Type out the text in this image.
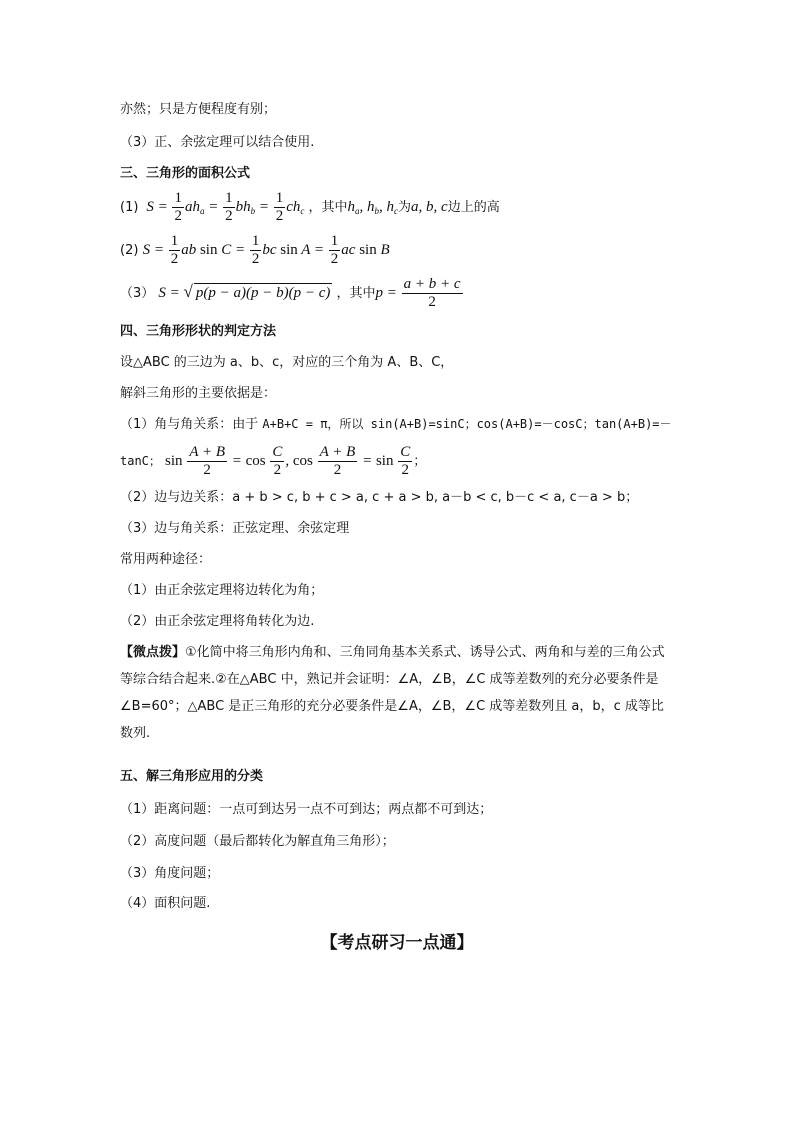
亦然；只是方便程度有别；
（3）正、余弦定理可以结合使用.
三、三角形的面积公式
(1)  $S = \frac{1}{2} ah_a = \frac{1}{2} bh_b = \frac{1}{2} ch_c$ ，其中$h_a$, $h_b$, $h_c$为a, b, c边上的高
(2) $S = \frac{1}{2}$ ab $\sin C = \frac{1}{2}$ bc $\sin A = \frac{1}{2}$ ac sin B
（3） S = √ p(p − a)(p − b)(p − c) ，其中$p = \frac{a + b + c}{2}$
四、三角形形状的判定方法
设△ABC 的三边为 a、b、c，对应的三个角为 A、B、C，
解斜三角形的主要依据是：
（1）角与角关系：由于 A+B+C = π，所以 sin(A+B)=sinC；cos(A+B)=－cosC；tan(A+B)=－
tanC； $\sin \frac{A + B}{2} = \cos \frac{C}{2}$ , $\cos \frac{A + B}{2} = \sin \frac{C}{2}$ ；
（2）边与边关系：a + b > c, b + c > a, c + a > b, a－b < c, b－c < a, c－a > b；
（3）边与角关系：正弦定理、余弦定理
常用两种途径：
（1）由正余弦定理将边转化为角；
（2）由正余弦定理将角转化为边.
【微点拨】①化简中将三角形内角和、三角同角基本关系式、诱导公式、两角和与差的三角公式等综合结合起来.②在△ABC 中，熟记并会证明：∠A，∠B，∠C 成等差数列的充分必要条件是∠B=60°；△ABC 是正三角形的充分必要条件是∠A，∠B，∠C 成等差数列且 a，b，c 成等比数列.
五、解三角形应用的分类
（1）距离问题：一点可到达另一点不可到达；两点都不可到达；
（2）高度问题（最后都转化为解直角三角形）；
（3）角度问题；
（4）面积问题.
【考点研习一点通】
